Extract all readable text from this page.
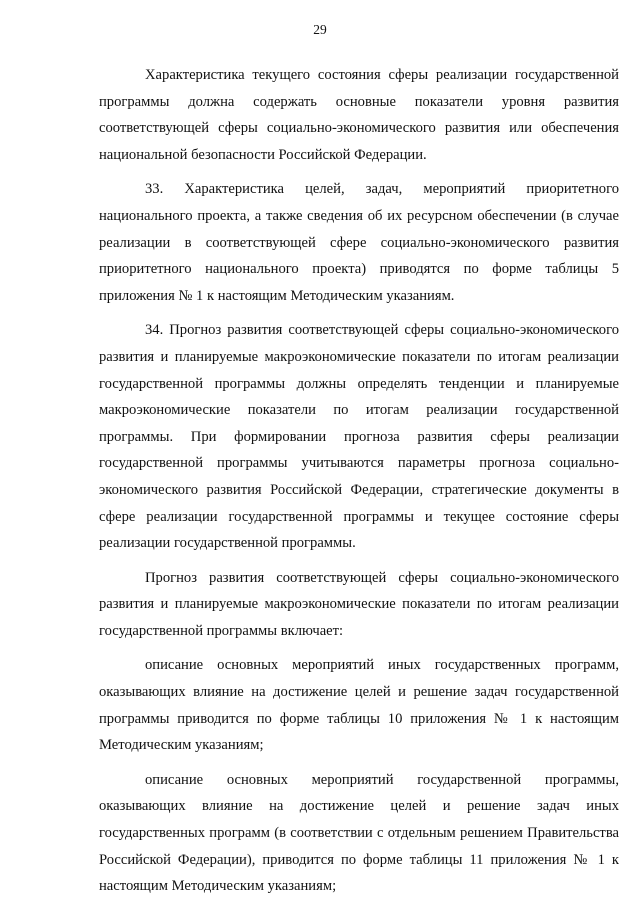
29

Характеристика текущего состояния сферы реализации государственной программы должна содержать основные показатели уровня развития соответствующей сферы социально-экономического развития или обеспечения национальной безопасности Российской Федерации.

33. Характеристика целей, задач, мероприятий приоритетного национального проекта, а также сведения об их ресурсном обеспечении (в случае реализации в соответствующей сфере социально-экономического развития приоритетного национального проекта) приводятся по форме таблицы 5 приложения № 1 к настоящим Методическим указаниям.

34. Прогноз развития соответствующей сферы социально-экономического развития и планируемые макроэкономические показатели по итогам реализации государственной программы должны определять тенденции и планируемые макроэкономические показатели по итогам реализации государственной программы. При формировании прогноза развития сферы реализации государственной программы учитываются параметры прогноза социально-экономического развития Российской Федерации, стратегические документы в сфере реализации государственной программы и текущее состояние сферы реализации государственной программы.

Прогноз развития соответствующей сферы социально-экономического развития и планируемые макроэкономические показатели по итогам реализации государственной программы включает:

описание основных мероприятий иных государственных программ, оказывающих влияние на достижение целей и решение задач государственной программы приводится по форме таблицы 10 приложения № 1 к настоящим Методическим указаниям;

описание основных мероприятий государственной программы, оказывающих влияние на достижение целей и решение задач иных государственных программ (в соответствии с отдельным решением Правительства Российской Федерации), приводится по форме таблицы 11 приложения № 1 к настоящим Методическим указаниям;
